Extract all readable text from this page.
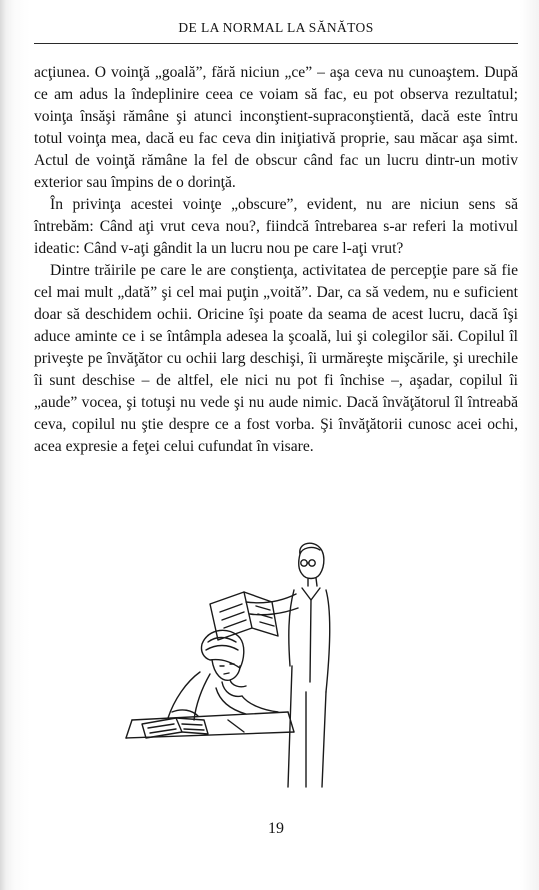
DE LA NORMAL LA SĂNĂTOS

acţiunea. O voinţă „goală”, fără niciun „ce” – aşa ceva nu cunoaştem. După ce am adus la îndeplinire ceea ce voiam să fac, eu pot observa rezultatul; voinţa însăşi rămâne şi atunci inconştient-supraconştientă, dacă este întru totul voinţa mea, dacă eu fac ceva din iniţiativă proprie, sau măcar aşa simt. Actul de voinţă rămâne la fel de obscur când fac un lucru dintr-un motiv exterior sau împins de o dorinţă.

În privinţa acestei voinţe „obscure”, evident, nu are niciun sens să întrebăm: Când aţi vrut ceva nou?, fiindcă întrebarea s-ar referi la motivul ideatic: Când v-aţi gândit la un lucru nou pe care l-aţi vrut?

Dintre trăirile pe care le are conştienţa, activitatea de percepţie pare să fie cel mai mult „dată” şi cel mai puţin „voită”. Dar, ca să vedem, nu e suficient doar să deschidem ochii. Oricine îşi poate da seama de acest lucru, dacă îşi aduce aminte ce i se întâmpla adesea la şcoală, lui şi colegilor săi. Copilul îl priveşte pe învăţător cu ochii larg deschişi, îi urmăreşte mişcările, şi urechile îi sunt deschise – de altfel, ele nici nu pot fi închise –, aşadar, copilul îi „aude” vocea, şi totuşi nu vede şi nu aude nimic. Dacă învăţătorul îl întreabă ceva, copilul nu ştie despre ce a fost vorba. Şi învăţătorii cunosc acei ochi, acea expresie a feţei celui cufundat în visare.

19
